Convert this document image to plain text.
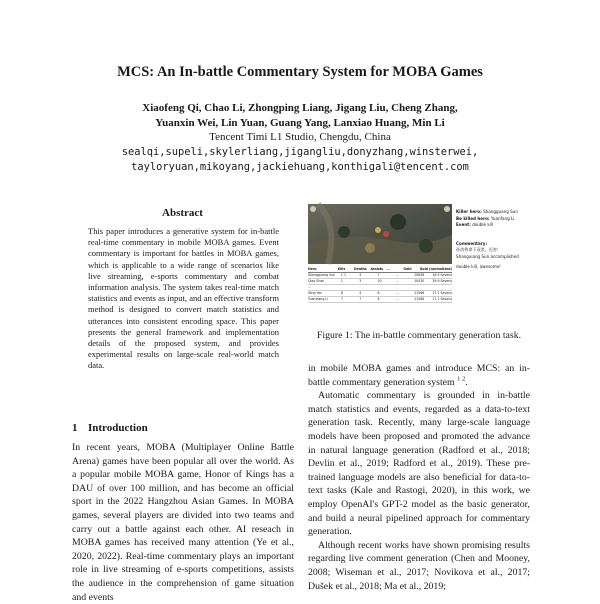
MCS: An In-battle Commentary System for MOBA Games
Xiaofeng Qi, Chao Li, Zhongping Liang, Jigang Liu, Cheng Zhang,
Yuanxin Wei, Lin Yuan, Guang Yang, Lanxiao Huang, Min Li
Tencent Timi L1 Studio, Chengdu, China
sealqi,supeli,skylerliang,jigangliu,donyzhang,winsterwei,
tayloryuan,mikoyang,jackiehuang,konthigali@tencent.com
Abstract
This paper introduces a generative system for in-battle real-time commentary in mobile MOBA games. Event commentary is important for battles in MOBA games, which is applicable to a wide range of scenarios like live streaming, e-sports commentary and combat information analysis. The system takes real-time match statistics and events as input, and an effective transform method is designed to convert match statistics and utterances into consistent encoding space. This paper presents the general framework and implementation details of the proposed system, and provides experimental results on large-scale real-world match data.
1 Introduction
In recent years, MOBA (Multiplayer Online Battle Arena) games have been popular all over the world. As a popular mobile MOBA game, Honor of Kings has a DAU of over 100 million, and has become an official sport in the 2022 Hangzhou Asian Games. In MOBA games, several players are divided into two teams and carry out a battle against each other. AI reseach in MOBA games has received many attention (Ye et al., 2020, 2022). Real-time commentary plays an important role in live streaming of e-sports competitions, assists the audience in the comprehension of game situation and events
Hero	Kills	Deaths	Assists	...	Gold	Gold (normalized)
Shangguang Sun	1 1	4	7	...	10836	16.5 Sevens
Qiao Shan	1	3	20	...	10430	29.9 Sevens
...
Yang Yan	8	4	8	...	11566	17.1 Sevens
Yuanxiang Li	7	7	8	...	11566	17.1 Sevens
Killer hero: Shangguang Sun
Be killed hero: Yuanfang Li
Event: double kill
Commentary:
孙尚香拿下双杀，厉害！
Shangxiang Sun accomplished
double kill, awesome!
Figure 1: The in-battle commentary generation task.

in mobile MOBA games and introduce MCS: an in-battle commentary generation system $^{1 2}$.

Automatic commentary is grounded in in-battle match statistics and events, regarded as a data-to-text generation task. Recently, many large-scale language models have been proposed and promoted the advance in natural language generation (Radford et al., 2018; Devlin et al., 2019; Radford et al., 2019). These pre-trained language models are also beneficial for data-to-text tasks (Kale and Rastogi, 2020), in this work, we employ OpenAI's GPT-2 model as the basic generator, and build a neural pipelined approach for commentary generation.

Although recent works have shown promising results regarding live comment generation (Chen and Mooney, 2008; Wiseman et al., 2017; Novikova et al., 2017; Dušek et al., 2018; Ma et al., 2019;
